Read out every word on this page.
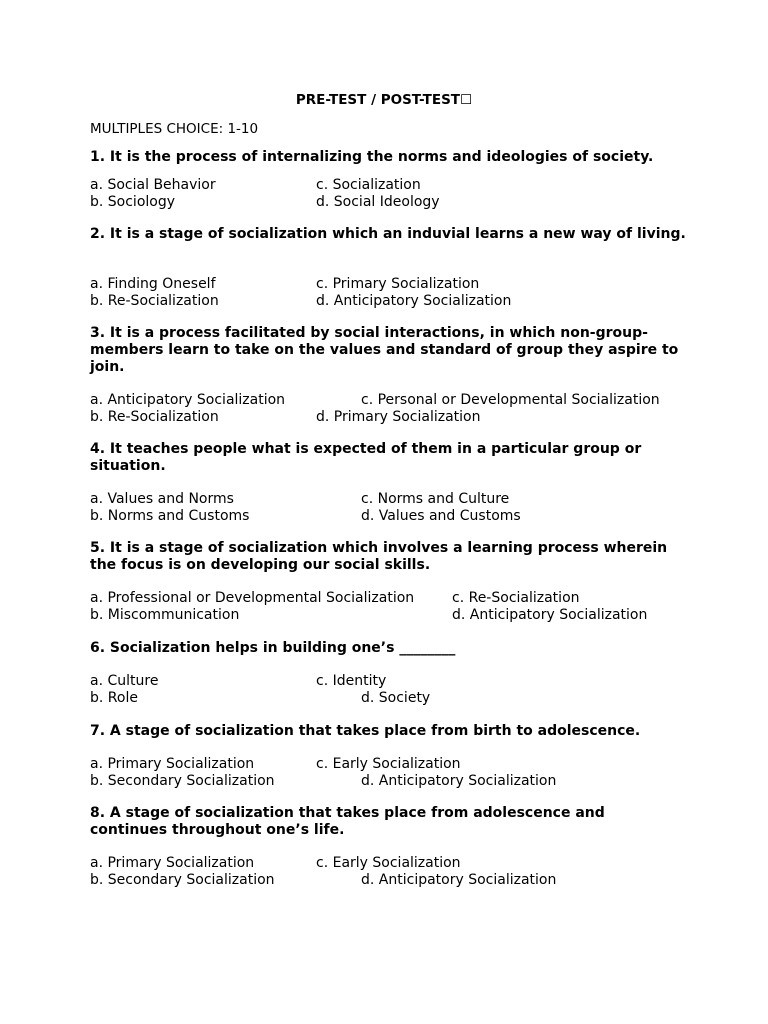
PRE-TEST / POST-TEST☐
MULTIPLES CHOICE: 1-10
1. It is the process of internalizing the norms and ideologies of society.
a. Social Behavior
b. Sociology
c. Socialization
d. Social Ideology
2. It is a stage of socialization which an induvial learns a new way of living.
a. Finding Oneself
b. Re-Socialization
c. Primary Socialization
d. Anticipatory Socialization
3. It is a process facilitated by social interactions, in which non-group-members learn to take on the values and standard of group they aspire to join.
a. Anticipatory Socialization
b. Re-Socialization
c. Personal or Developmental Socialization
d. Primary Socialization
4. It teaches people what is expected of them in a particular group or situation.
a. Values and Norms
b. Norms and Customs
c. Norms and Culture
d. Values and Customs
5. It is a stage of socialization which involves a learning process wherein the focus is on developing our social skills.
a. Professional or Developmental Socialization
b. Miscommunication
c. Re-Socialization
d. Anticipatory Socialization
6. Socialization helps in building one’s ________
a. Culture
b. Role
c. Identity
d. Society
7. A stage of socialization that takes place from birth to adolescence.
a. Primary Socialization
b. Secondary Socialization
c. Early Socialization
d. Anticipatory Socialization
8. A stage of socialization that takes place from adolescence and continues throughout one’s life.
a. Primary Socialization
b. Secondary Socialization
c. Early Socialization
d. Anticipatory Socialization
